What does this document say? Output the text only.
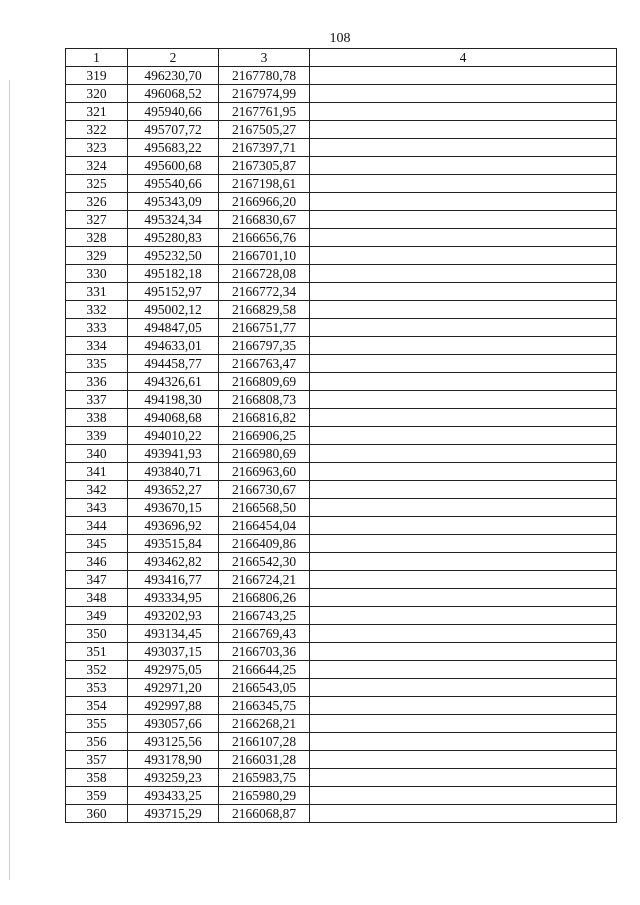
108
1	2	3	4
319	496230,70	2167780,78	
320	496068,52	2167974,99	
321	495940,66	2167761,95	
322	495707,72	2167505,27	
323	495683,22	2167397,71	
324	495600,68	2167305,87	
325	495540,66	2167198,61	
326	495343,09	2166966,20	
327	495324,34	2166830,67	
328	495280,83	2166656,76	
329	495232,50	2166701,10	
330	495182,18	2166728,08	
331	495152,97	2166772,34	
332	495002,12	2166829,58	
333	494847,05	2166751,77	
334	494633,01	2166797,35	
335	494458,77	2166763,47	
336	494326,61	2166809,69	
337	494198,30	2166808,73	
338	494068,68	2166816,82	
339	494010,22	2166906,25	
340	493941,93	2166980,69	
341	493840,71	2166963,60	
342	493652,27	2166730,67	
343	493670,15	2166568,50	
344	493696,92	2166454,04	
345	493515,84	2166409,86	
346	493462,82	2166542,30	
347	493416,77	2166724,21	
348	493334,95	2166806,26	
349	493202,93	2166743,25	
350	493134,45	2166769,43	
351	493037,15	2166703,36	
352	492975,05	2166644,25	
353	492971,20	2166543,05	
354	492997,88	2166345,75	
355	493057,66	2166268,21	
356	493125,56	2166107,28	
357	493178,90	2166031,28	
358	493259,23	2165983,75	
359	493433,25	2165980,29	
360	493715,29	2166068,87	
